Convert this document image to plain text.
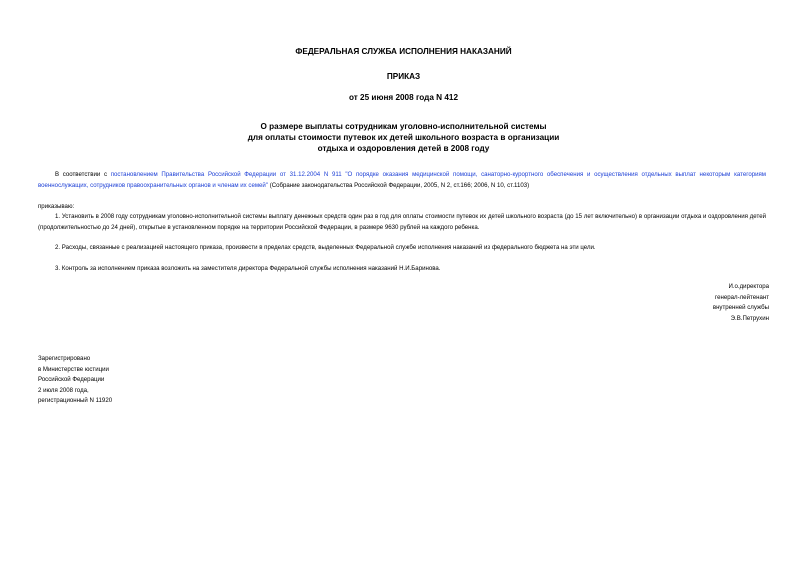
ФЕДЕРАЛЬНАЯ СЛУЖБА ИСПОЛНЕНИЯ НАКАЗАНИЙ
ПРИКАЗ
от 25 июня 2008 года N 412
О размере выплаты сотрудникам уголовно-исполнительной системы
для оплаты стоимости путевок их детей школьного возраста в организации
отдыха и оздоровления детей в 2008 году
В соответствии с постановлением Правительства Российской Федерации от 31.12.2004 N 911 "О порядке оказания медицинской помощи, санаторно-курортного обеспечения и осуществления отдельных выплат некоторым категориям военнослужащих, сотрудников правоохранительных органов и членам их семей" (Собрание законодательства Российской Федерации, 2005, N 2, ст.166; 2006, N 10, ст.1103)
приказываю:
1. Установить в 2008 году сотрудникам уголовно-исполнительной системы выплату денежных средств один раз в год для оплаты стоимости путевок их детей школьного возраста (до 15 лет включительно) в организации отдыха и оздоровления детей (продолжительностью до 24 дней), открытые в установленном порядке на территории Российской Федерации, в размере 9630 рублей на каждого ребенка.
2. Расходы, связанные с реализацией настоящего приказа, произвести в пределах средств, выделенных Федеральной службе исполнения наказаний из федерального бюджета на эти цели.
3. Контроль за исполнением приказа возложить на заместителя директора Федеральной службы исполнения наказаний Н.И.Баринова.
И.о.директора
генерал-лейтенант
внутренней службы
Э.В.Петрухин
Зарегистрировано
в Министерстве юстиции
Российской Федерации
2 июля 2008 года,
регистрационный N 11920
